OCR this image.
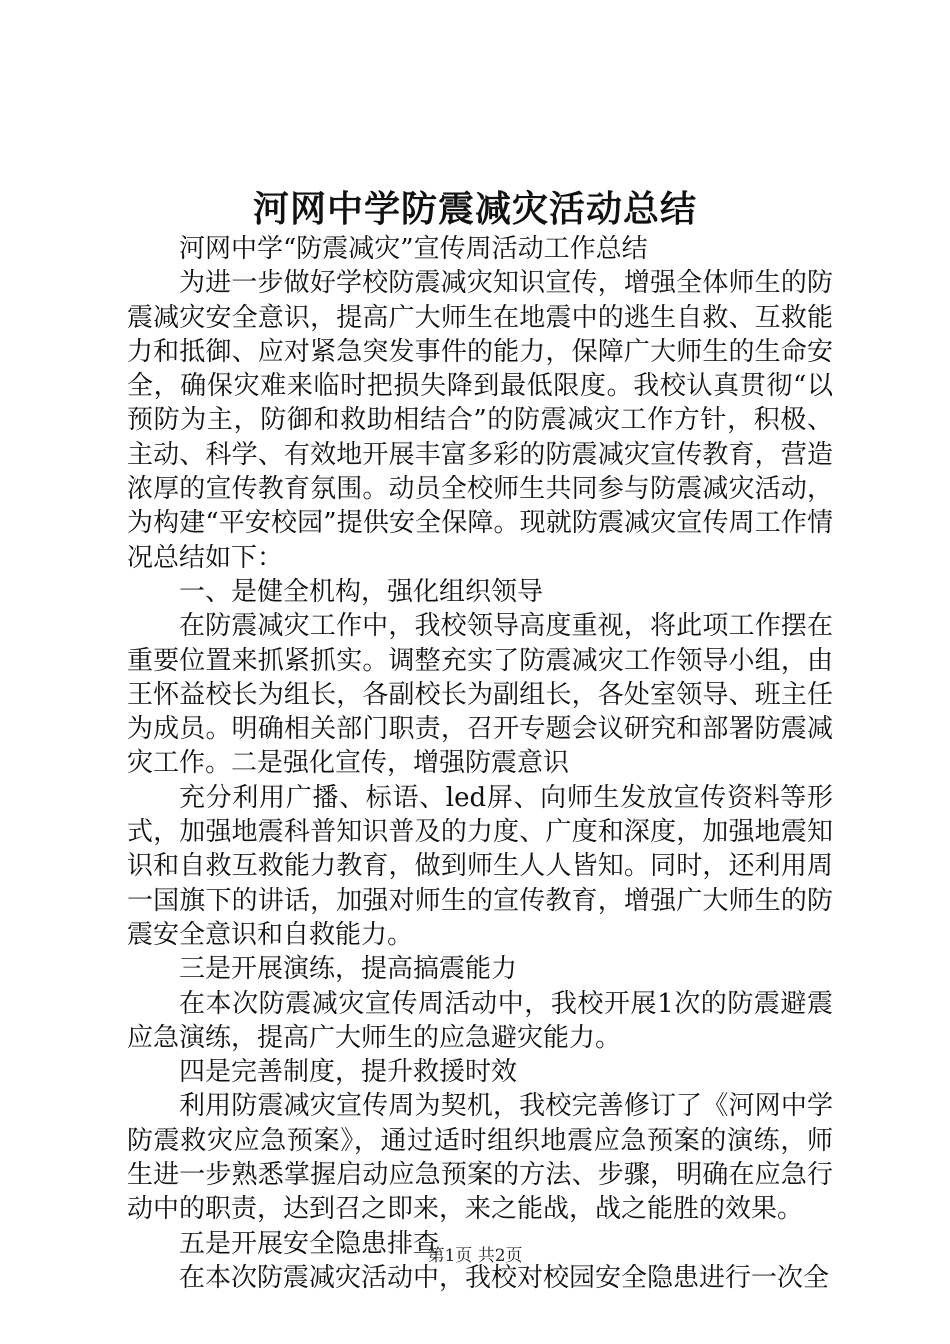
河网中学防震减灾活动总结

河网中学“防震减灾”宣传周活动工作总结

为进一步做好学校防震减灾知识宣传，增强全体师生的防震减灾安全意识，提高广大师生在地震中的逃生自救、互救能力和抵御、应对紧急突发事件的能力，保障广大师生的生命安全，确保灾难来临时把损失降到最低限度。我校认真贯彻“以预防为主，防御和救助相结合”的防震减灾工作方针，积极、主动、科学、有效地开展丰富多彩的防震减灾宣传教育，营造浓厚的宣传教育氛围。动员全校师生共同参与防震减灾活动，为构建“平安校园”提供安全保障。现就防震减灾宣传周工作情况总结如下：

一、是健全机构，强化组织领导

在防震减灾工作中，我校领导高度重视，将此项工作摆在重要位置来抓紧抓实。调整充实了防震减灾工作领导小组，由王怀益校长为组长，各副校长为副组长，各处室领导、班主任为成员。明确相关部门职责，召开专题会议研究和部署防震减灾工作。二是强化宣传，增强防震意识

充分利用广播、标语、led屏、向师生发放宣传资料等形式，加强地震科普知识普及的力度、广度和深度，加强地震知识和自救互救能力教育，做到师生人人皆知。同时，还利用周一国旗下的讲话，加强对师生的宣传教育，增强广大师生的防震安全意识和自救能力。

三是开展演练，提高搞震能力

在本次防震减灾宣传周活动中，我校开展1次的防震避震应急演练，提高广大师生的应急避灾能力。

四是完善制度，提升救援时效

利用防震减灾宣传周为契机，我校完善修订了《河网中学防震救灾应急预案》，通过适时组织地震应急预案的演练，师生进一步熟悉掌握启动应急预案的方法、步骤，明确在应急行动中的职责，达到召之即来，来之能战，战之能胜的效果。

五是开展安全隐患排查

在本次防震减灾活动中，我校对校园安全隐患进行一次全

第1页 共2页
